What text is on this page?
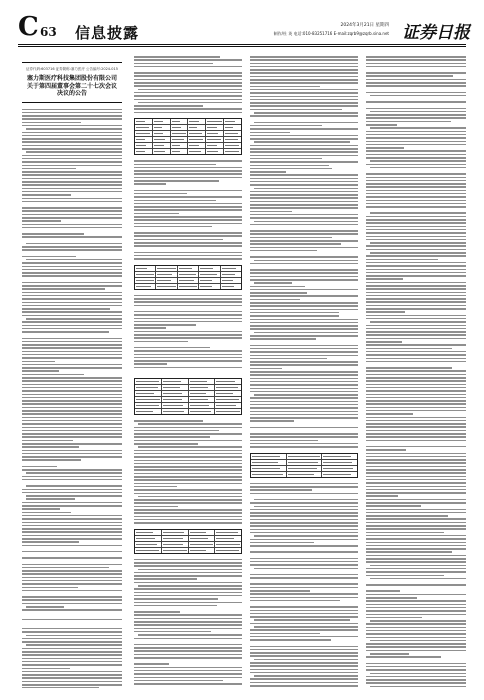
C 63 信息披露	2024年3月21日 星期四
制作/杜 英 电话:010-83251716 E-mail:zqrb9@zqrb.sina.net 证券日报
证券代码:603716 证券简称:塞力医疗 公告编号:2024-015
塞力斯医疗科技集团股份有限公司关于第四届董事会第二十七次会议决议的公告
